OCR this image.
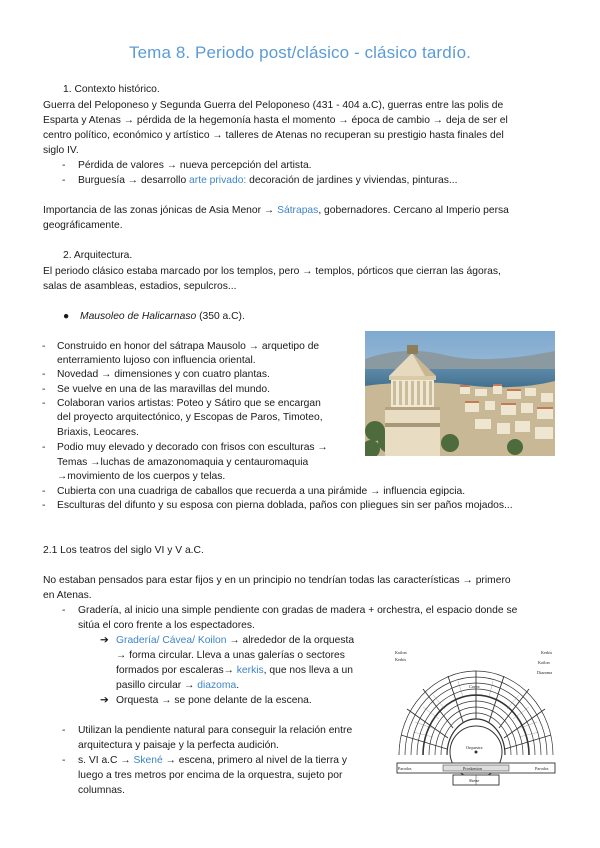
Tema 8. Periodo post/clásico - clásico tardío.
1. Contexto histórico.
Guerra del Peloponeso y Segunda Guerra del Peloponeso (431 - 404 a.C), guerras entre las polis de
Esparta y Atenas → pérdida de la hegemonía hasta el momento → época de cambio → deja de ser el
centro político, económico y artístico → talleres de Atenas no recuperan su prestigio hasta finales del
siglo IV.
- Pérdida de valores → nueva percepción del artista.
- Burguesía → desarrollo arte privado: decoración de jardines y viviendas, pinturas...
Importancia de las zonas jónicas de Asia Menor → Sátrapas, gobernadores. Cercano al Imperio persa
geográficamente.
2. Arquitectura.
El periodo clásico estaba marcado por los templos, pero → templos, pórticos que cierran las ágoras,
salas de asambleas, estadios, sepulcros...
● Mausoleo de Halicarnaso (350 a.C).
- Construido en honor del sátrapa Mausolo → arquetipo de
enterramiento lujoso con influencia oriental.
- Novedad → dimensiones y con cuatro plantas.
- Se vuelve en una de las maravillas del mundo.
- Colaboran varios artistas: Poteo y Sátiro que se encargan
del proyecto arquitectónico, y Escopas de Paros, Timoteo,
Briaxis, Leocares.
- Podio muy elevado y decorado con frisos con esculturas →
Temas →luchas de amazonomaquia y centauromaquia
→movimiento de los cuerpos y telas.
- Cubierta con una cuadriga de caballos que recuerda a una pirámide → influencia egipcia.
- Esculturas del difunto y su esposa con pierna doblada, paños con pliegues sin ser paños mojados...
2.1 Los teatros del siglo VI y V a.C.
No estaban pensados para estar fijos y en un principio no tendrían todas las características → primero
en Atenas.
- Gradería, al inicio una simple pendiente con gradas de madera + orchestra, el espacio donde se
sitúa el coro frente a los espectadores.
➔ Gradería/ Cávea/ Koilon → alrededor de la orquesta
→ forma circular. Lleva a unas galerías o sectores
formados por escaleras→ kerkis, que nos lleva a un
pasillo circular → diazoma.
➔ Orquesta → se pone delante de la escena.
- Utilizan la pendiente natural para conseguir la relación entre
arquitectura y paisaje y la perfecta audición.
- s. VI a.C → Skené → escena, primero al nivel de la tierra y
luego a tres metros por encima de la orquestra, sujeto por
columnas.
Koilon	Kerkis
Kerkis
Koilon
Diazoma
Cavea
Orquestra
Parodos	Parodos
Proskenion
Skene
